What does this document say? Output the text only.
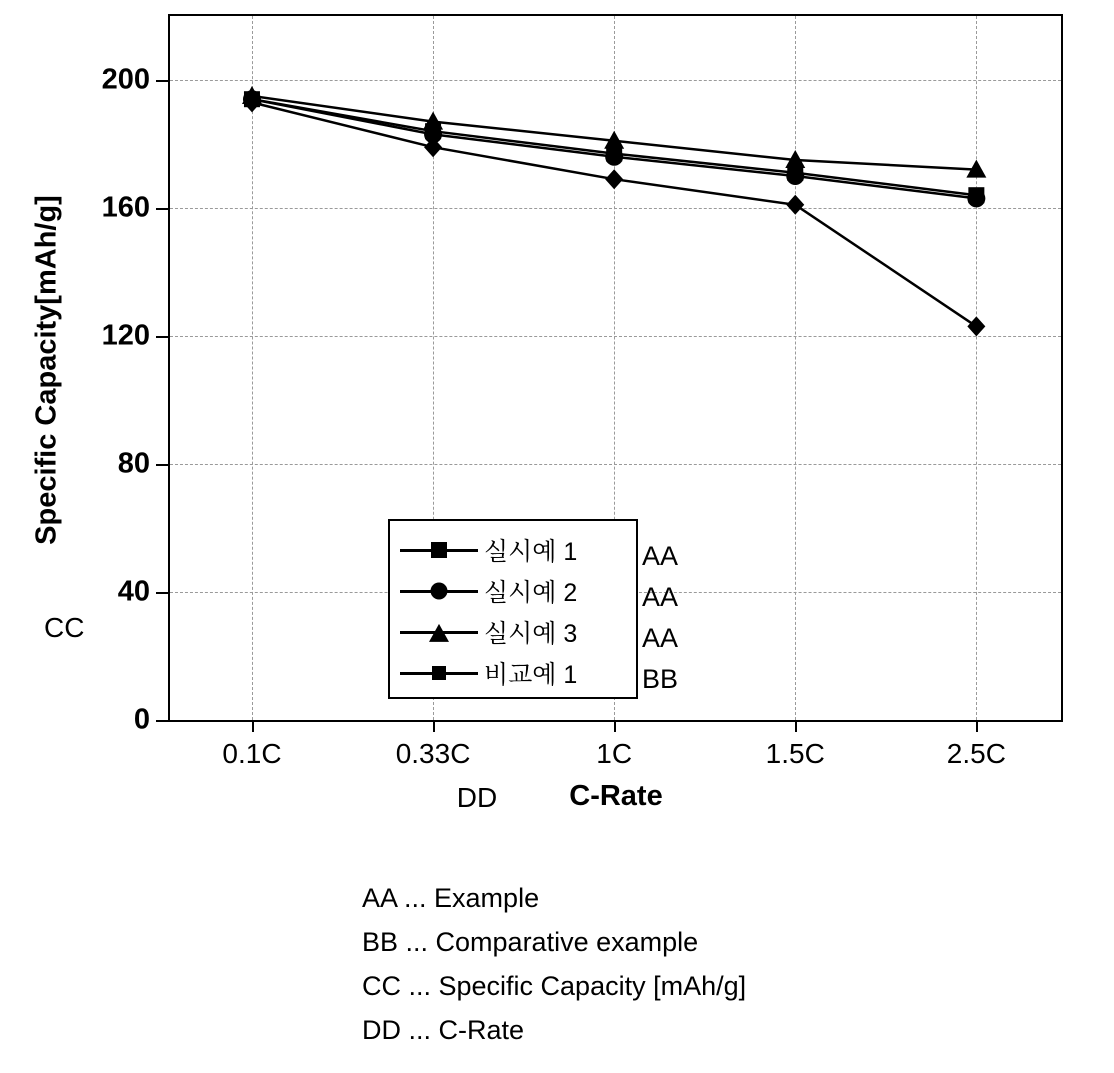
Specific Capacity[mAh/g]
CC
DD C-Rate
0
40
80
120
160
200
0.1C	0.33C	1C	1.5C	2.5C
실시예 1
실시예 2
실시예 3
비교예 1
AA
AA
AA
BB
AA ... Example
BB ... Comparative example
CC ... Specific Capacity [mAh/g]
DD ... C-Rate
